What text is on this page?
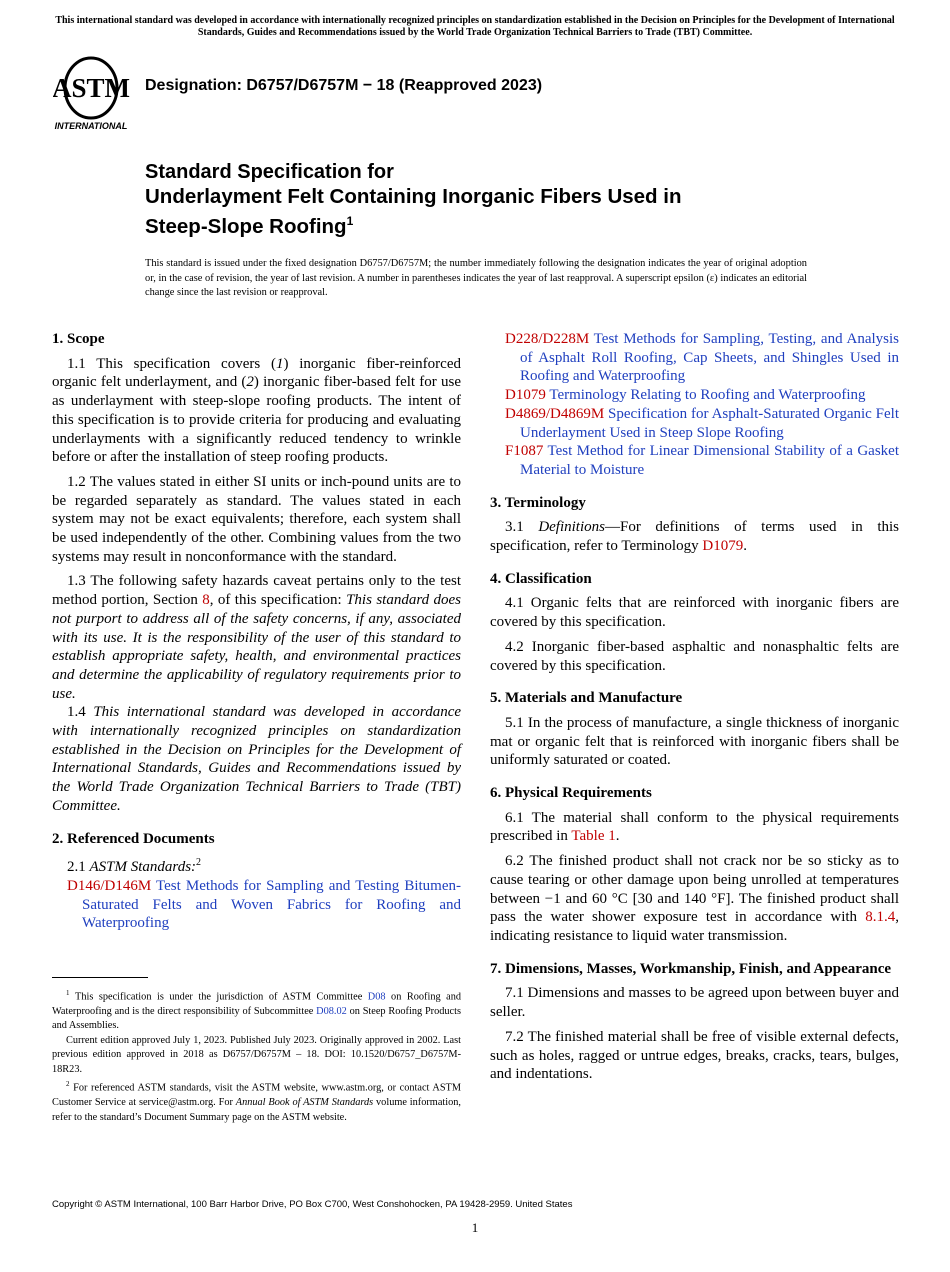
This international standard was developed in accordance with internationally recognized principles on standardization established in the Decision on Principles for the Development of International Standards, Guides and Recommendations issued by the World Trade Organization Technical Barriers to Trade (TBT) Committee.
ASTM
INTERNATIONAL
Designation: D6757/D6757M − 18 (Reapproved 2023)
Standard Specification for
Underlayment Felt Containing Inorganic Fibers Used in
Steep-Slope Roofing$^1$
This standard is issued under the fixed designation D6757/D6757M; the number immediately following the designation indicates the year of original adoption or, in the case of revision, the year of last revision. A number in parentheses indicates the year of last reapproval. A superscript epsilon (ε) indicates an editorial change since the last revision or reapproval.
1. Scope

1.1 This specification covers (1) inorganic fiber-reinforced organic felt underlayment, and (2) inorganic fiber-based felt for use as underlayment with steep-slope roofing products. The intent of this specification is to provide criteria for producing and evaluating underlayments with a significantly reduced tendency to wrinkle before or after the installation of steep roofing products.

1.2 The values stated in either SI units or inch-pound units are to be regarded separately as standard. The values stated in each system may not be exact equivalents; therefore, each system shall be used independently of the other. Combining values from the two systems may result in nonconformance with the standard.

1.3 The following safety hazards caveat pertains only to the test method portion, Section 8, of this specification: This standard does not purport to address all of the safety concerns, if any, associated with its use. It is the responsibility of the user of this standard to establish appropriate safety, health, and environmental practices and determine the applicability of regulatory requirements prior to use.

1.4 This international standard was developed in accordance with internationally recognized principles on standardization established in the Decision on Principles for the Development of International Standards, Guides and Recommendations issued by the World Trade Organization Technical Barriers to Trade (TBT) Committee.

2. Referenced Documents

2.1 ASTM Standards:$^2$

D146/D146M Test Methods for Sampling and Testing Bitumen-Saturated Felts and Woven Fabrics for Roofing and Waterproofing

$^1$ This specification is under the jurisdiction of ASTM Committee D08 on Roofing and Waterproofing and is the direct responsibility of Subcommittee D08.02 on Steep Roofing Products and Assemblies.

Current edition approved July 1, 2023. Published July 2023. Originally approved in 2002. Last previous edition approved in 2018 as D6757/D6757M – 18. DOI: 10.1520/D6757_D6757M-18R23.

$^2$ For referenced ASTM standards, visit the ASTM website, www.astm.org, or contact ASTM Customer Service at service@astm.org. For Annual Book of ASTM Standards volume information, refer to the standard’s Document Summary page on the ASTM website.

D228/D228M Test Methods for Sampling, Testing, and Analysis of Asphalt Roll Roofing, Cap Sheets, and Shingles Used in Roofing and Waterproofing

D1079 Terminology Relating to Roofing and Waterproofing

D4869/D4869M Specification for Asphalt-Saturated Organic Felt Underlayment Used in Steep Slope Roofing

F1087 Test Method for Linear Dimensional Stability of a Gasket Material to Moisture

3. Terminology

3.1 Definitions—For definitions of terms used in this specification, refer to Terminology D1079.

4. Classification

4.1 Organic felts that are reinforced with inorganic fibers are covered by this specification.

4.2 Inorganic fiber-based asphaltic and nonasphaltic felts are covered by this specification.

5. Materials and Manufacture

5.1 In the process of manufacture, a single thickness of inorganic mat or organic felt that is reinforced with inorganic fibers shall be uniformly saturated or coated.

6. Physical Requirements

6.1 The material shall conform to the physical requirements prescribed in Table 1.

6.2 The finished product shall not crack nor be so sticky as to cause tearing or other damage upon being unrolled at temperatures between −1 and 60 °C [30 and 140 °F]. The finished product shall pass the water shower exposure test in accordance with 8.1.4, indicating resistance to liquid water transmission.

7. Dimensions, Masses, Workmanship, Finish, and Appearance

7.1 Dimensions and masses to be agreed upon between buyer and seller.

7.2 The finished material shall be free of visible external defects, such as holes, ragged or untrue edges, breaks, cracks, tears, bulges, and indentations.

Copyright © ASTM International, 100 Barr Harbor Drive, PO Box C700, West Conshohocken, PA 19428-2959. United States
1
